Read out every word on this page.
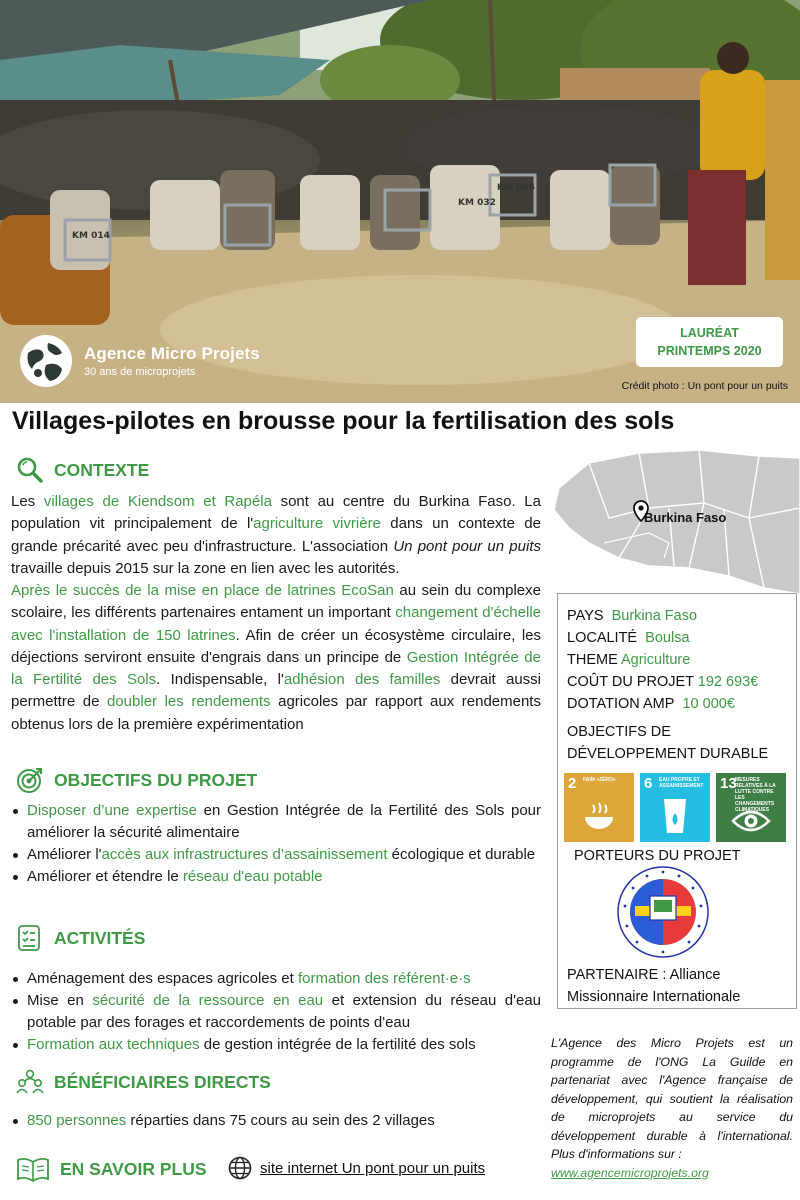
KM 014
KM 032
KM 006
Agence Micro Projets
30 ans de microprojets
LAURÉAT
PRINTEMPS 2020
Crédit photo : Un pont pour un puits
Villages-pilotes en brousse pour la fertilisation des sols
CONTEXTE

Les villages de Kiendsom et Rapéla sont au centre du Burkina Faso. La population vit principalement de l'agriculture vivrière dans un contexte de grande précarité avec peu d'infrastructure. L'association Un pont pour un puits travaille depuis 2015 sur la zone en lien avec les autorités.

Après le succès de la mise en place de latrines EcoSan au sein du complexe scolaire, les différents partenaires entament un important changement d'échelle avec l'installation de 150 latrines. Afin de créer un écosystème circulaire, les déjections serviront ensuite d'engrais dans un principe de Gestion Intégrée de la Fertilité des Sols. Indispensable, l'adhésion des familles devrait aussi permettre de doubler les rendements agricoles par rapport aux rendements obtenus lors de la première expérimentation

OBJECTIFS DU PROJET
Disposer d’une expertise en Gestion Intégrée de la Fertilité des Sols pour améliorer la sécurité alimentaire
Améliorer l'accès aux infrastructures d’assainissement écologique et durable
Améliorer et étendre le réseau d'eau potable
ACTIVITÉS
Aménagement des espaces agricoles et formation des référent·e·s
Mise en sécurité de la ressource en eau et extension du réseau d'eau potable par des forages et raccordements de points d'eau
Formation aux techniques de gestion intégrée de la fertilité des sols
BÉNÉFICIAIRES DIRECTS
850 personnes réparties dans 75 cours au sein des 2 villages
EN SAVOIR PLUS	site internet Un pont pour un puits
Burkina Faso
PAYS Burkina Faso
LOCALITÉ Boulsa
THEME Agriculture
COÛT DU PROJET 192 693€
DOTATION AMP 10 000€
OBJECTIFS DE
DÉVELOPPEMENT DURABLE
2 FAIM «ZÉRO»	6 EAU PROPRE ET ASSAINISSEMENT 13
MESURES RELATIVES À LA LUTTE CONTRE LES CHANGEMENTS CLIMATIQUES
PORTEURS DU PROJET
PARTENAIRE : Alliance
Missionnaire Internationale
L'Agence des Micro Projets est un programme de l'ONG La Guilde en partenariat avec l'Agence française de développement, qui soutient la réalisation de microprojets au service du développement durable à l'international. Plus d'informations sur :
www.agencemicroprojets.org
